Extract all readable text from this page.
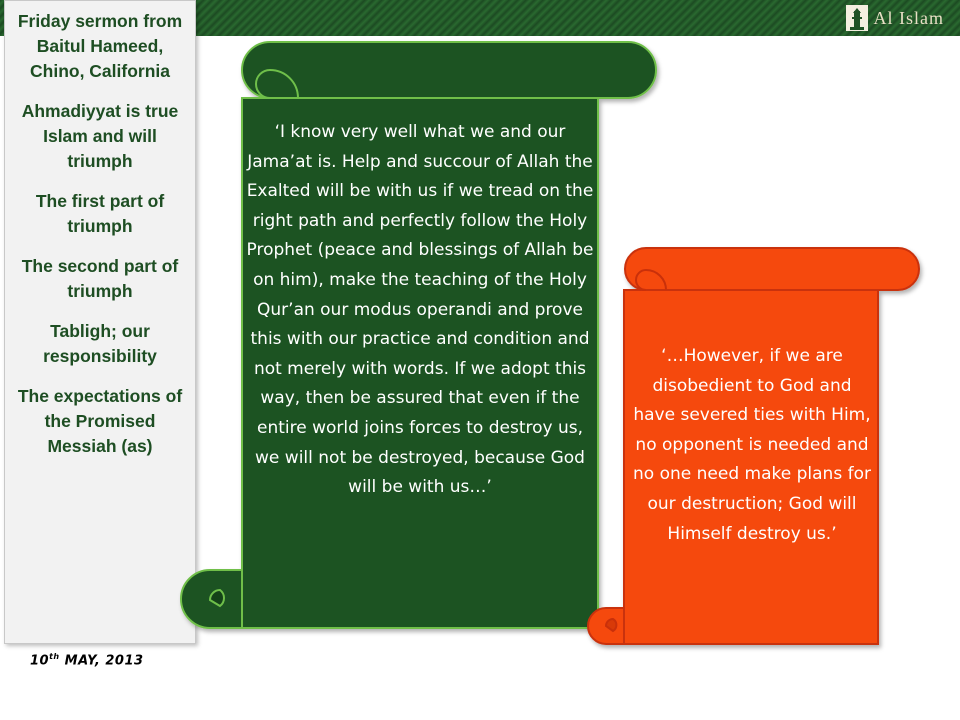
Al Islam
Friday sermon from Baitul Hameed, Chino, California
Ahmadiyyat is true Islam and will triumph
The first part of triumph
The second part of triumph
Tabligh; our responsibility
The expectations of the Promised Messiah (as)
10th MAY, 2013
‘I know very well what we and our Jama’at is. Help and succour of Allah the Exalted will be with us if we tread on the right path and perfectly follow the Holy Prophet (peace and blessings of Allah be on him), make the teaching of the Holy Qur’an our modus operandi and prove this with our practice and condition and not merely with words. If we adopt this way, then be assured that even if the entire world joins forces to destroy us, we will not be destroyed, because God will be with us…’
‘…However, if we are disobedient to God and have severed ties with Him, no opponent is needed and no one need make plans for our destruction; God will Himself destroy us.’
